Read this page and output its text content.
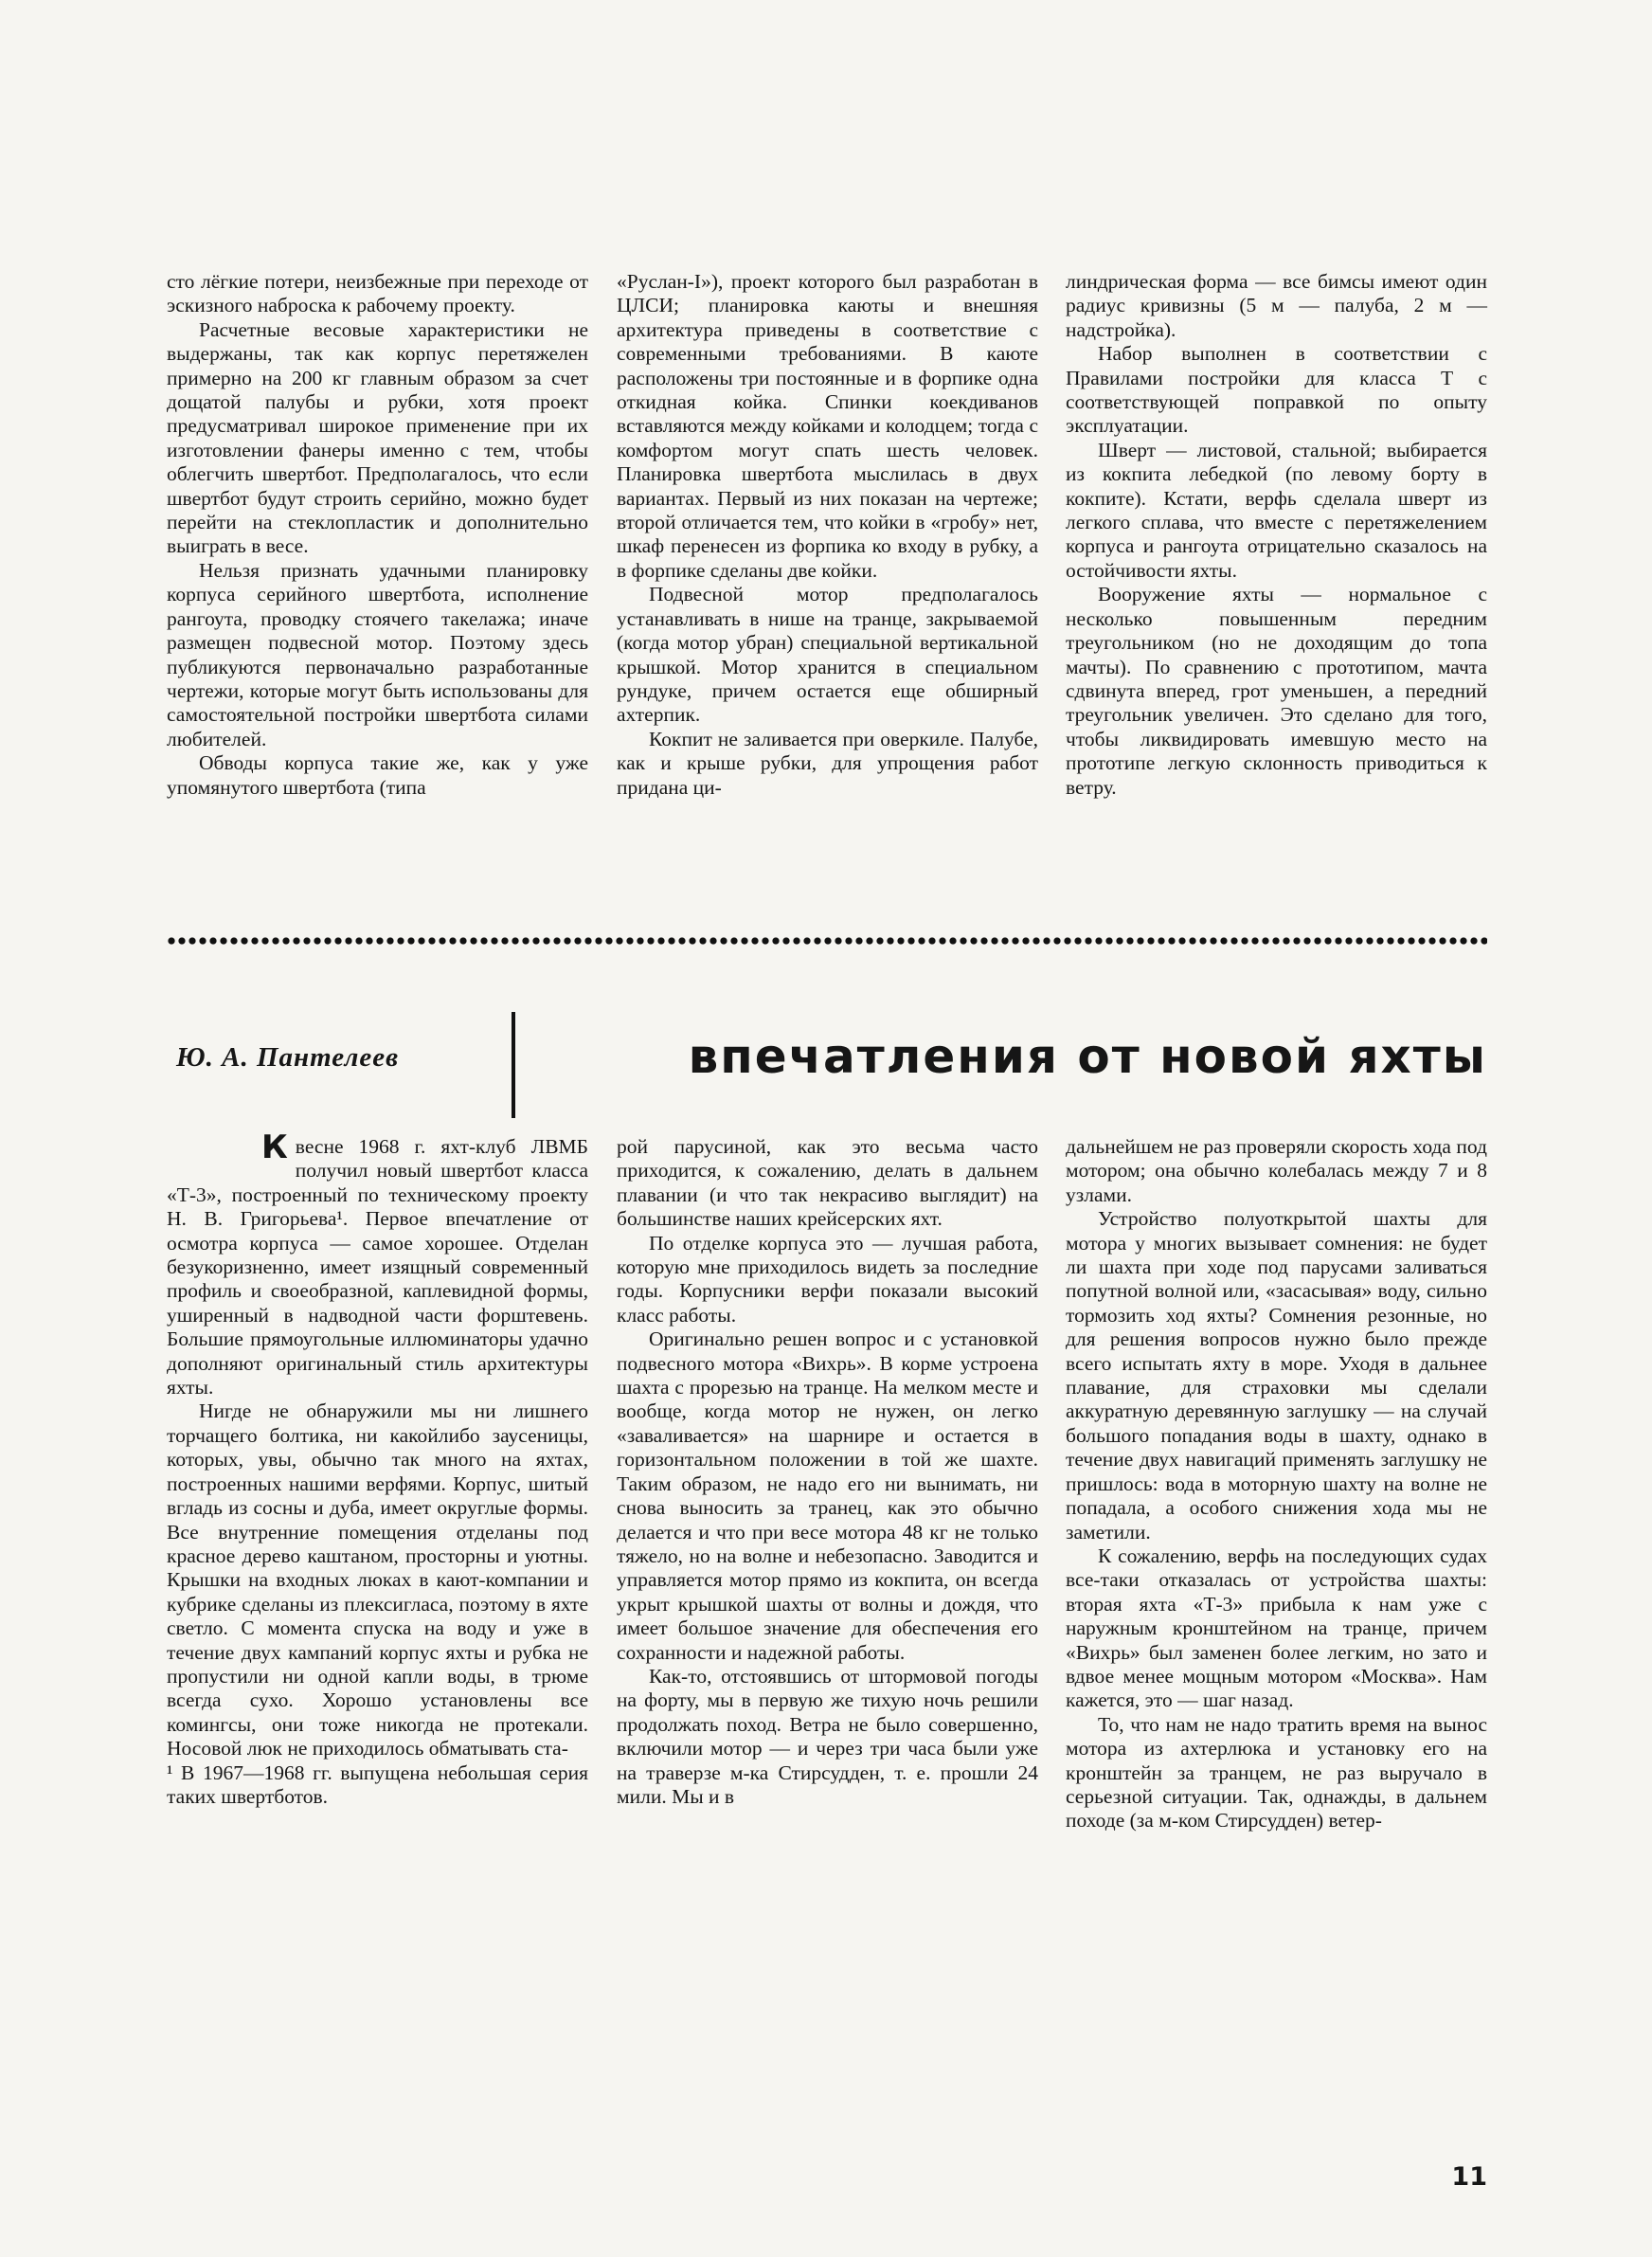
сто лёгкие потери, неизбежные при переходе от эскизного наброска к рабочему проекту.

Расчетные весовые характеристики не выдержаны, так как корпус перетяжелен примерно на 200 кг главным образом за счет дощатой палубы и рубки, хотя проект предусматривал широкое применение при их изготовлении фанеры именно с тем, чтобы облегчить швертбот. Предполагалось, что если швертбот будут строить серийно, можно будет перейти на стеклопластик и дополнительно выиграть в весе.

Нельзя признать удачными планировку корпуса серийного швертбота, исполнение рангоута, проводку стоячего такелажа; иначе размещен подвесной мотор. Поэтому здесь публикуются первоначально разработанные чертежи, которые могут быть использованы для самостоятельной постройки швертбота силами любителей.

Обводы корпуса такие же, как у уже упомянутого швертбота (типа

«Руслан-I»), проект которого был разработан в ЦЛСИ; планировка каюты и внешняя архитектура приведены в соответствие с современными требованиями. В каюте расположены три постоянные и в форпике одна откидная койка. Спинки коекдиванов вставляются между койками и колодцем; тогда с комфортом могут спать шесть человек. Планировка швертбота мыслилась в двух вариантах. Первый из них показан на чертеже; второй отличается тем, что койки в «гробу» нет, шкаф перенесен из форпика ко входу в рубку, а в форпике сделаны две койки.

Подвесной мотор предполагалось устанавливать в нише на транце, закрываемой (когда мотор убран) специальной вертикальной крышкой. Мотор хранится в специальном рундуке, причем остается еще обширный ахтерпик.

Кокпит не заливается при оверкиле. Палубе, как и крыше рубки, для упрощения работ придана ци-

линдрическая форма — все бимсы имеют один радиус кривизны (5 м — палуба, 2 м — надстройка).

Набор выполнен в соответствии с Правилами постройки для класса Т с соответствующей поправкой по опыту эксплуатации.

Шверт — листовой, стальной; выбирается из кокпита лебедкой (по левому борту в кокпите). Кстати, верфь сделала шверт из легкого сплава, что вместе с перетяжелением корпуса и рангоута отрицательно сказалось на остойчивости яхты.

Вооружение яхты — нормальное с несколько повышенным передним треугольником (но не доходящим до топа мачты). По сравнению с прототипом, мачта сдвинута вперед, грот уменьшен, а передний треугольник увеличен. Это сделано для того, чтобы ликвидировать имевшую место на прототипе легкую склонность приводиться к ветру.

Ю. А. Пантелеев	впечатления от новой яхты

Квесне 1968 г. яхт-клуб ЛВМБ получил новый швертбот класса «Т-3», построенный по техническому проекту Н. В. Григорьева¹. Первое впечатление от осмотра корпуса — самое хорошее. Отделан безукоризненно, имеет изящный современный профиль и своеобразной, каплевидной формы, уширенный в надводной части форштевень. Большие прямоугольные иллюминаторы удачно дополняют оригинальный стиль архитектуры яхты.

Нигде не обнаружили мы ни лишнего торчащего болтика, ни какойлибо заусеницы, которых, увы, обычно так много на яхтах, построенных нашими верфями. Корпус, шитый вгладь из сосны и дуба, имеет округлые формы. Все внутренние помещения отделаны под красное дерево каштаном, просторны и уютны. Крышки на входных люках в кают-компании и кубрике сделаны из плексигласа, поэтому в яхте светло. С момента спуска на воду и уже в течение двух кампаний корпус яхты и рубка не пропустили ни одной капли воды, в трюме всегда сухо. Хорошо установлены все комингсы, они тоже никогда не протекали. Носовой люк не приходилось обматывать ста-

¹ В 1967—1968 гг. выпущена небольшая серия таких швертботов.

рой парусиной, как это весьма часто приходится, к сожалению, делать в дальнем плавании (и что так некрасиво выглядит) на большинстве наших крейсерских яхт.

По отделке корпуса это — лучшая работа, которую мне приходилось видеть за последние годы. Корпусники верфи показали высокий класс работы.

Оригинально решен вопрос и с установкой подвесного мотора «Вихрь». В корме устроена шахта с прорезью на транце. На мелком месте и вообще, когда мотор не нужен, он легко «заваливается» на шарнире и остается в горизонтальном положении в той же шахте. Таким образом, не надо его ни вынимать, ни снова выносить за транец, как это обычно делается и что при весе мотора 48 кг не только тяжело, но на волне и небезопасно. Заводится и управляется мотор прямо из кокпита, он всегда укрыт крышкой шахты от волны и дождя, что имеет большое значение для обеспечения его сохранности и надежной работы.

Как-то, отстоявшись от штормовой погоды на форту, мы в первую же тихую ночь решили продолжать поход. Ветра не было совершенно, включили мотор — и через три часа были уже на траверзе м-ка Стирсудден, т. е. прошли 24 мили. Мы и в

дальнейшем не раз проверяли скорость хода под мотором; она обычно колебалась между 7 и 8 узлами.

Устройство полуоткрытой шахты для мотора у многих вызывает сомнения: не будет ли шахта при ходе под парусами заливаться попутной волной или, «засасывая» воду, сильно тормозить ход яхты? Сомнения резонные, но для решения вопросов нужно было прежде всего испытать яхту в море. Уходя в дальнее плавание, для страховки мы сделали аккуратную деревянную заглушку — на случай большого попадания воды в шахту, однако в течение двух навигаций применять заглушку не пришлось: вода в моторную шахту на волне не попадала, а особого снижения хода мы не заметили.

К сожалению, верфь на последующих судах все-таки отказалась от устройства шахты: вторая яхта «Т-3» прибыла к нам уже с наружным кронштейном на транце, причем «Вихрь» был заменен более легким, но зато и вдвое менее мощным мотором «Москва». Нам кажется, это — шаг назад.

То, что нам не надо тратить время на вынос мотора из ахтерлюка и установку его на кронштейн за транцем, не раз выручало в серьезной ситуации. Так, однажды, в дальнем походе (за м-ком Стирсудден) ветер-

11
